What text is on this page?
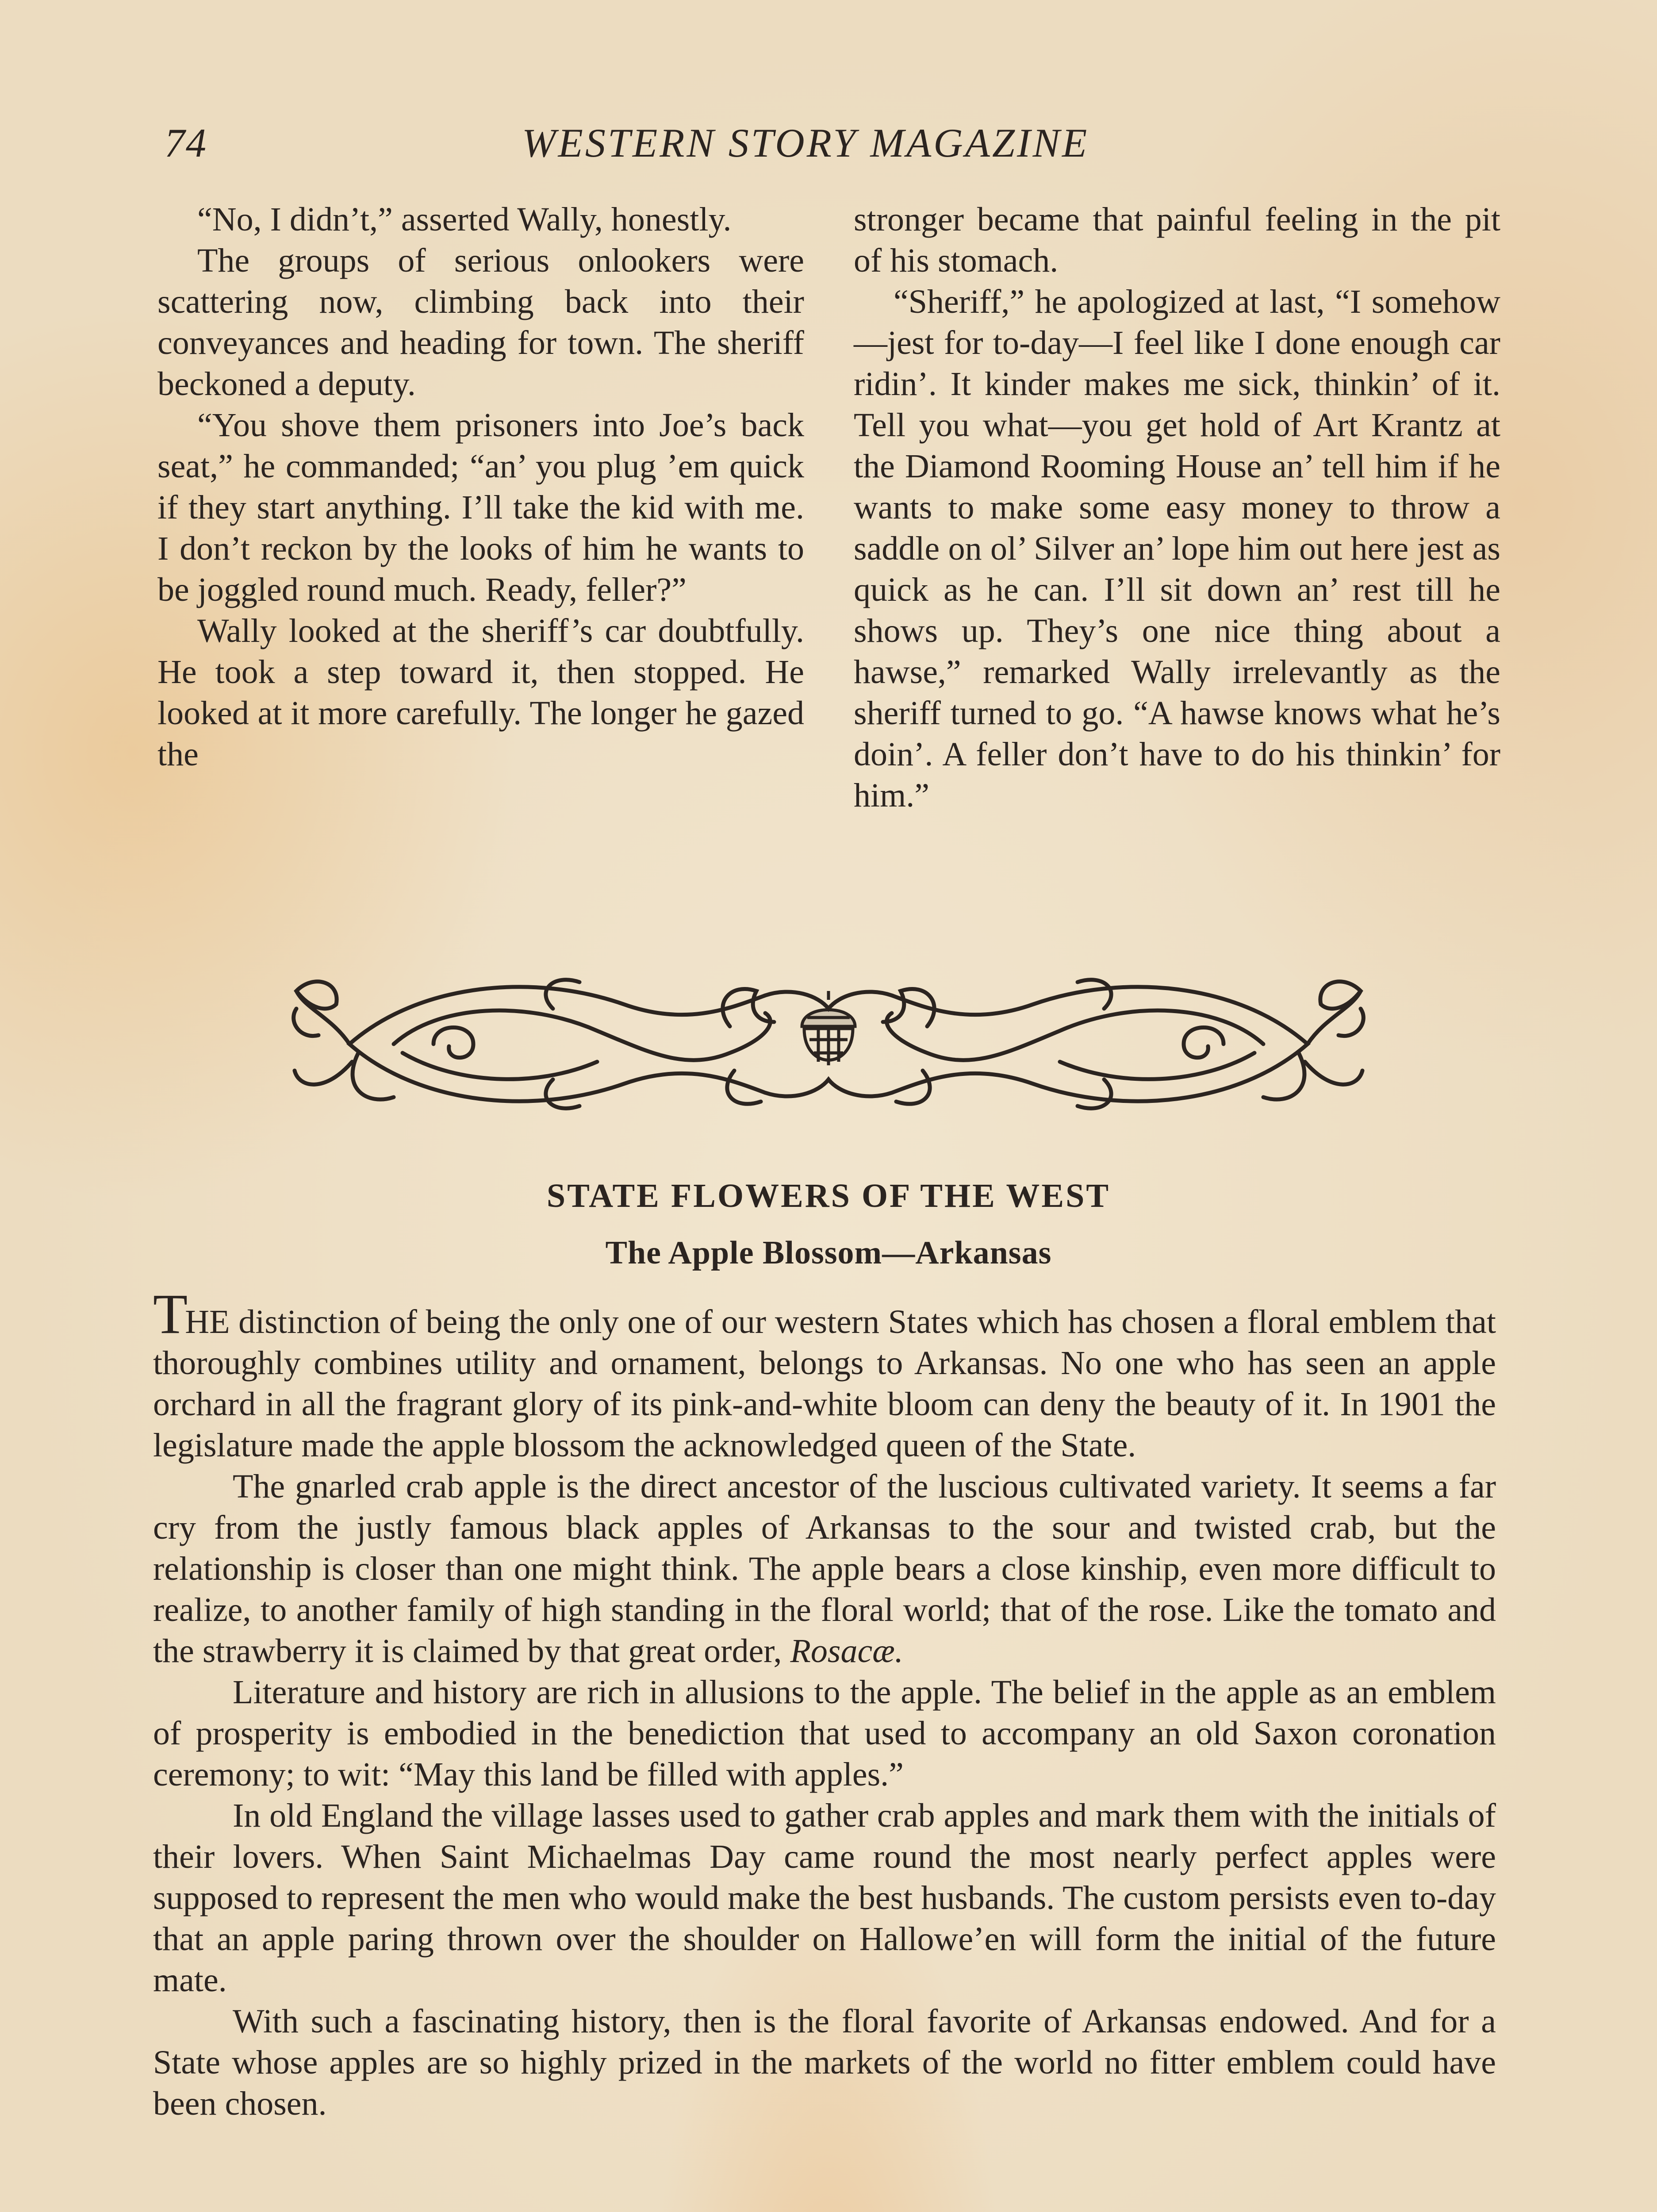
74	WESTERN STORY MAGAZINE

“No, I didn’t,” asserted Wally, honestly.

The groups of serious onlookers were scattering now, climbing back into their conveyances and heading for town. The sheriff beckoned a deputy.

“You shove them prisoners into Joe’s back seat,” he commanded; “an’ you plug ’em quick if they start anything. I’ll take the kid with me. I don’t reckon by the looks of him he wants to be joggled round much. Ready, feller?”

Wally looked at the sheriff’s car doubtfully. He took a step toward it, then stopped. He looked at it more carefully. The longer he gazed the

stronger became that painful feeling in the pit of his stomach.

“Sheriff,” he apologized at last, “I somehow—jest for to-day—I feel like I done enough car ridin’. It kinder makes me sick, thinkin’ of it. Tell you what—you get hold of Art Krantz at the Diamond Rooming House an’ tell him if he wants to make some easy money to throw a saddle on ol’ Silver an’ lope him out here jest as quick as he can. I’ll sit down an’ rest till he shows up. They’s one nice thing about a hawse,” remarked Wally irrelevantly as the sheriff turned to go. “A hawse knows what he’s doin’. A feller don’t have to do his thinkin’ for him.”

STATE FLOWERS OF THE WEST
The Apple Blossom—Arkansas

THE distinction of being the only one of our western States which has chosen a floral emblem that thoroughly combines utility and ornament, belongs to Arkansas. No one who has seen an apple orchard in all the fragrant glory of its pink-and-white bloom can deny the beauty of it. In 1901 the legislature made the apple blossom the acknowledged queen of the State.

The gnarled crab apple is the direct ancestor of the luscious cultivated variety. It seems a far cry from the justly famous black apples of Arkansas to the sour and twisted crab, but the relationship is closer than one might think. The apple bears a close kinship, even more difficult to realize, to another family of high standing in the floral world; that of the rose. Like the tomato and the strawberry it is claimed by that great order, Rosacæ.

Literature and history are rich in allusions to the apple. The belief in the apple as an emblem of prosperity is embodied in the benediction that used to accompany an old Saxon coronation ceremony; to wit: “May this land be filled with apples.”

In old England the village lasses used to gather crab apples and mark them with the initials of their lovers. When Saint Michaelmas Day came round the most nearly perfect apples were supposed to represent the men who would make the best husbands. The custom persists even to-day that an apple paring thrown over the shoulder on Hallowe’en will form the initial of the future mate.

With such a fascinating history, then is the floral favorite of Arkansas endowed. And for a State whose apples are so highly prized in the markets of the world no fitter emblem could have been chosen.
